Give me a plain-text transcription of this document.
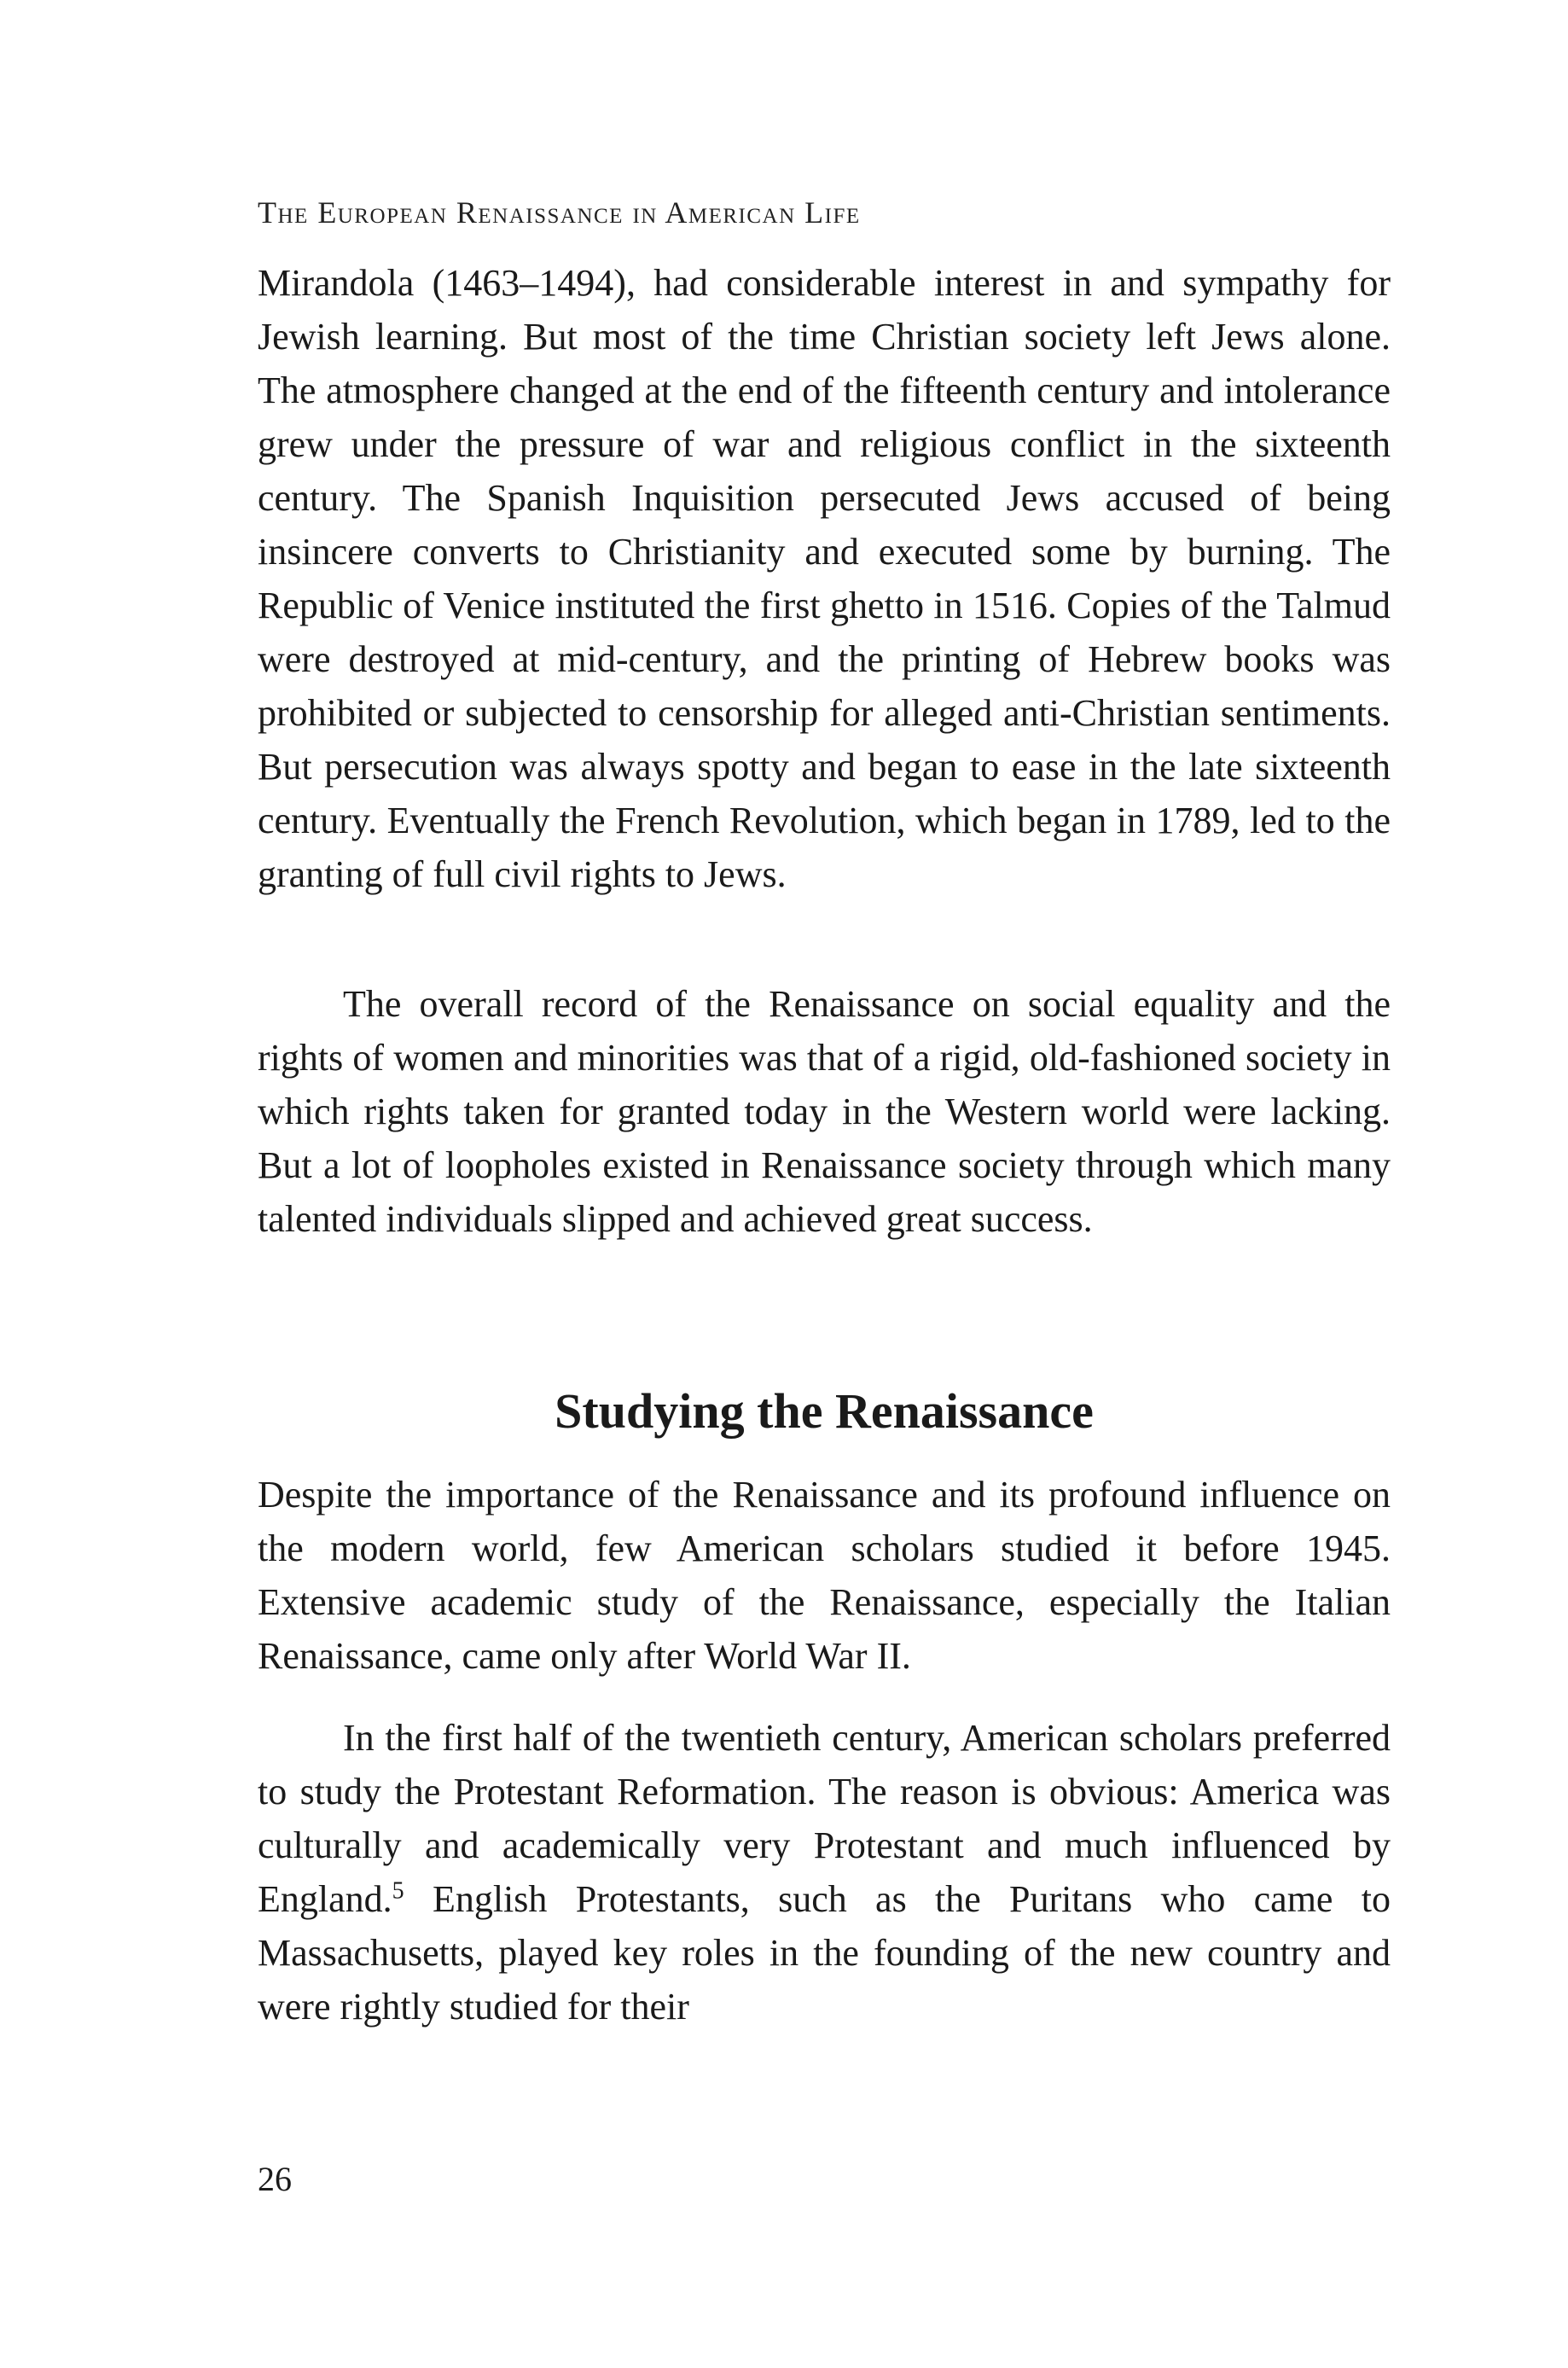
The European Renaissance in American Life

Mirandola (1463–1494), had considerable interest in and sympathy for Jewish learning. But most of the time Christian society left Jews alone. The atmosphere changed at the end of the fifteenth century and intolerance grew under the pressure of war and religious conflict in the sixteenth century. The Spanish Inquisition persecuted Jews accused of being insincere converts to Christianity and executed some by burning. The Republic of Venice instituted the first ghetto in 1516. Copies of the Talmud were destroyed at mid-century, and the printing of Hebrew books was prohibited or subjected to censorship for alleged anti-Christian sentiments. But persecution was always spotty and began to ease in the late sixteenth century. Eventually the French Revolution, which began in 1789, led to the granting of full civil rights to Jews.

The overall record of the Renaissance on social equality and the rights of women and minorities was that of a rigid, old-fashioned society in which rights taken for granted today in the Western world were lacking. But a lot of loopholes existed in Renaissance society through which many talented individuals slipped and achieved great success.

Studying the Renaissance

Despite the importance of the Renaissance and its profound influence on the modern world, few American scholars studied it before 1945. Extensive academic study of the Renaissance, especially the Italian Renaissance, came only after World War II.

In the first half of the twentieth century, American scholars preferred to study the Protestant Reformation. The reason is obvious: America was culturally and academically very Protestant and much influenced by England.$^5$ English Protestants, such as the Puritans who came to Massachusetts, played key roles in the founding of the new country and were rightly studied for their

26
